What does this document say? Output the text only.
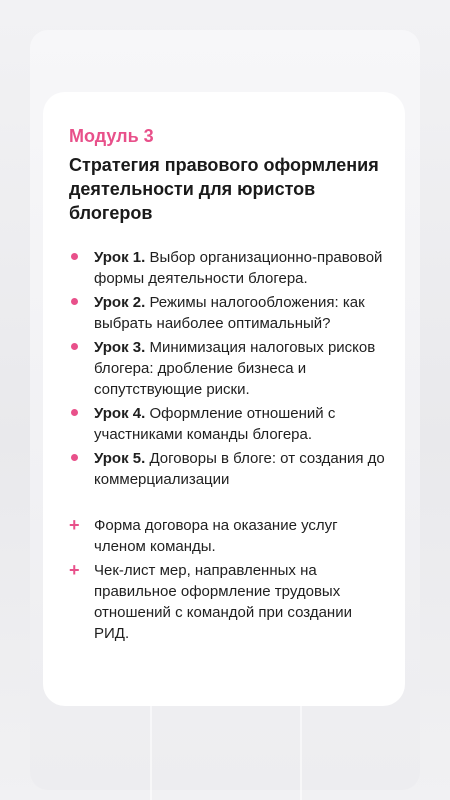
Модуль 3
Стратегия правового оформления деятельности для юристов блогеров
Урок 1. Выбор организационно-правовой формы деятельности блогера.
Урок 2. Режимы налогообложения: как выбрать наиболее оптимальный?
Урок 3. Минимизация налоговых рисков блогера: дробление бизнеса и сопутствующие риски.
Урок 4. Оформление отношений с участниками команды блогера.
Урок 5. Договоры в блоге: от создания до коммерциализации
+ Форма договора на оказание услуг членом команды.
+ Чек-лист мер, направленных на правильное оформление трудовых отношений с командой при создании РИД.
